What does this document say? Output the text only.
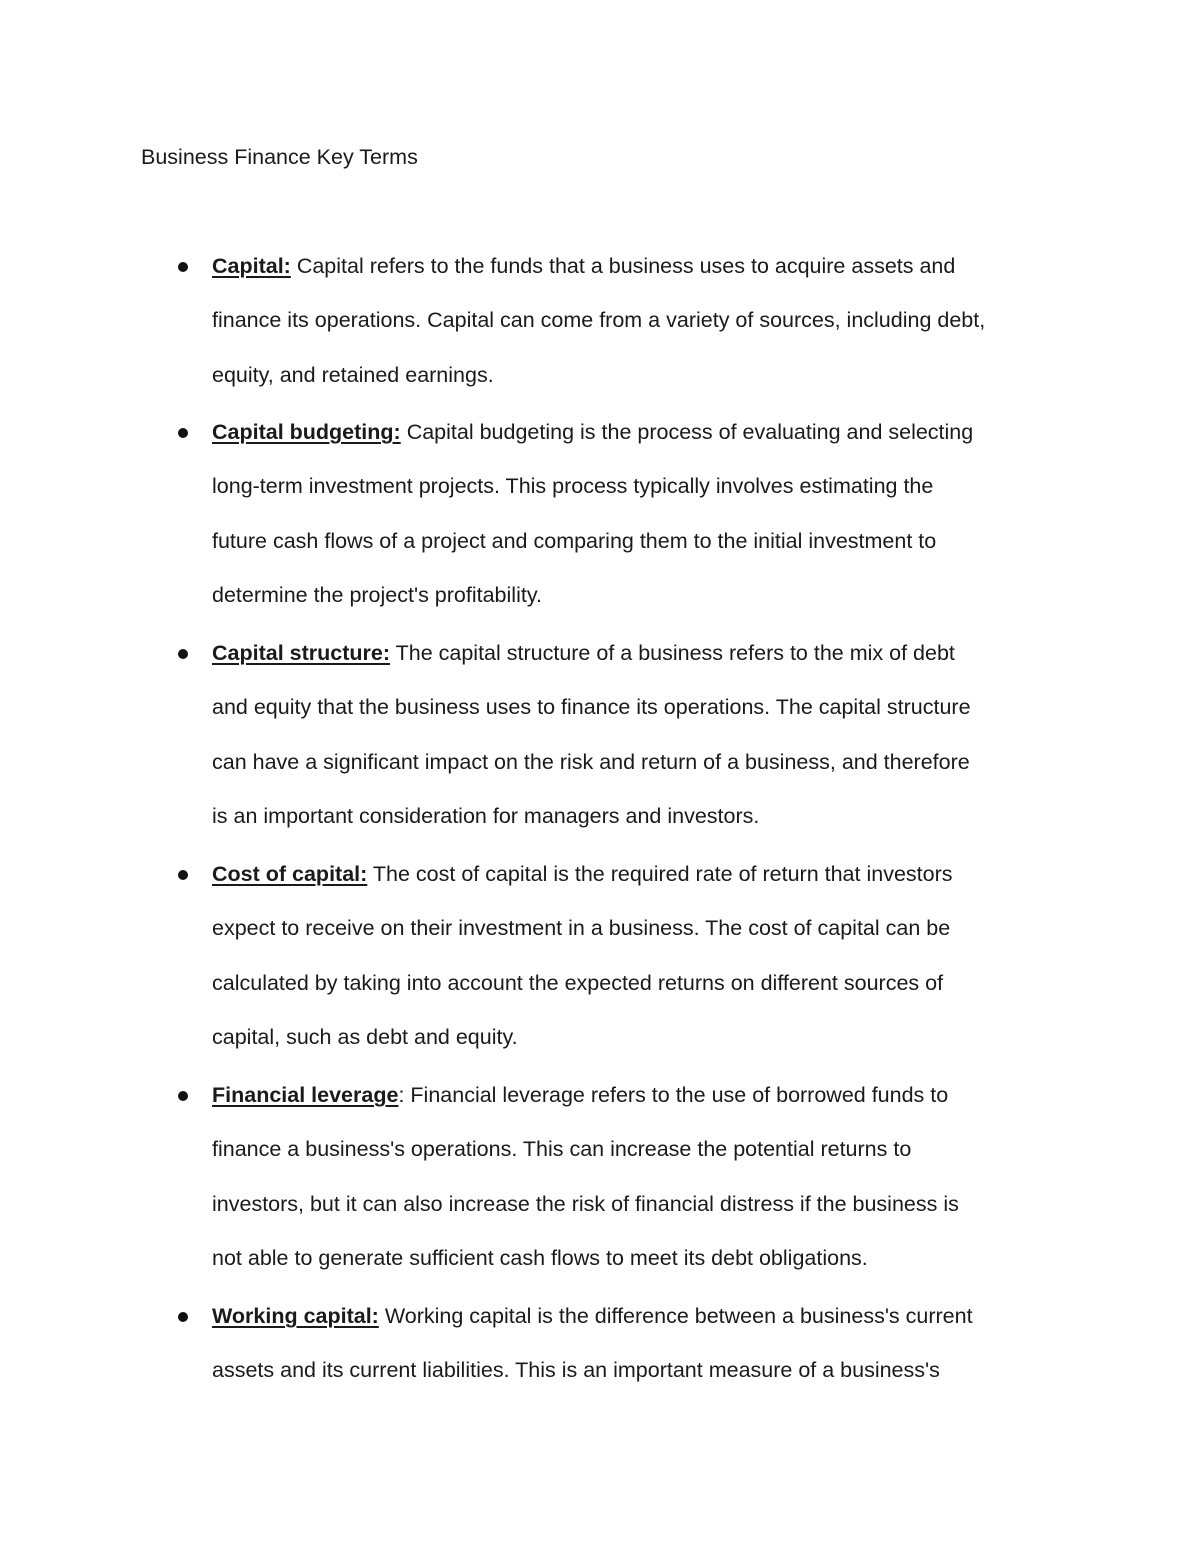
Business Finance Key Terms
Capital: Capital refers to the funds that a business uses to acquire assets and
finance its operations. Capital can come from a variety of sources, including debt,
equity, and retained earnings.
Capital budgeting: Capital budgeting is the process of evaluating and selecting
long-term investment projects. This process typically involves estimating the
future cash flows of a project and comparing them to the initial investment to
determine the project's profitability.
Capital structure: The capital structure of a business refers to the mix of debt
and equity that the business uses to finance its operations. The capital structure
can have a significant impact on the risk and return of a business, and therefore
is an important consideration for managers and investors.
Cost of capital: The cost of capital is the required rate of return that investors
expect to receive on their investment in a business. The cost of capital can be
calculated by taking into account the expected returns on different sources of
capital, such as debt and equity.
Financial leverage: Financial leverage refers to the use of borrowed funds to
finance a business's operations. This can increase the potential returns to
investors, but it can also increase the risk of financial distress if the business is
not able to generate sufficient cash flows to meet its debt obligations.
Working capital: Working capital is the difference between a business's current
assets and its current liabilities. This is an important measure of a business's
